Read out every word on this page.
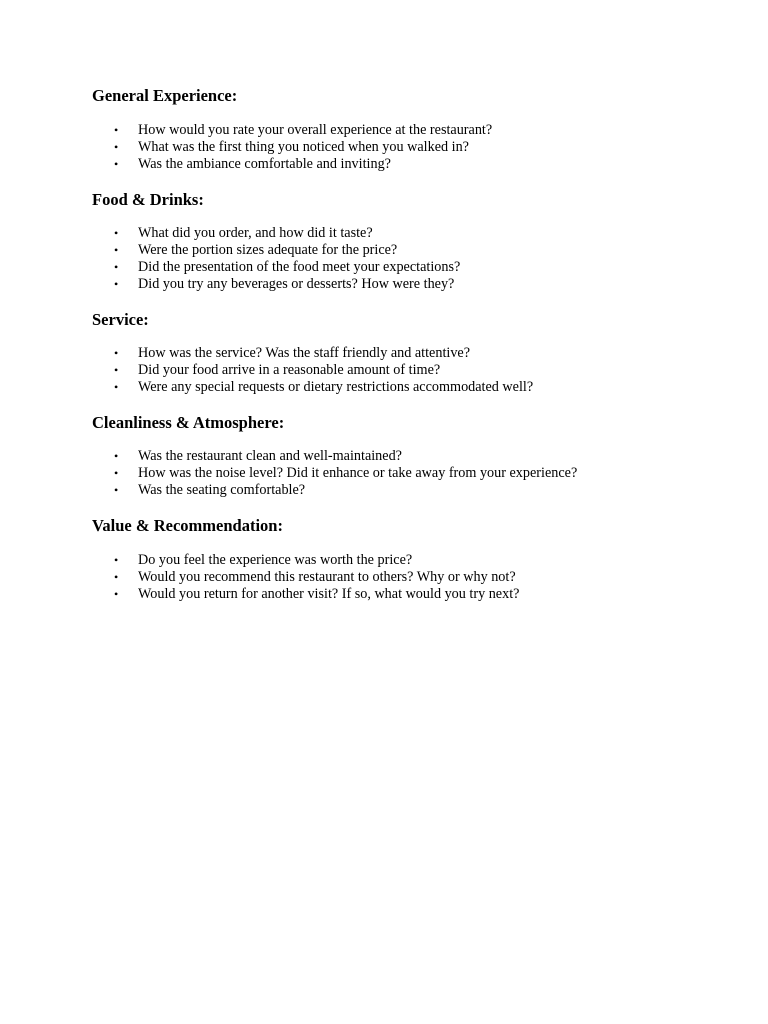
General Experience:
• How would you rate your overall experience at the restaurant?
• What was the first thing you noticed when you walked in?
• Was the ambiance comfortable and inviting?
Food & Drinks:
• What did you order, and how did it taste?
• Were the portion sizes adequate for the price?
• Did the presentation of the food meet your expectations?
• Did you try any beverages or desserts? How were they?
Service:
• How was the service? Was the staff friendly and attentive?
• Did your food arrive in a reasonable amount of time?
• Were any special requests or dietary restrictions accommodated well?
Cleanliness & Atmosphere:
• Was the restaurant clean and well-maintained?
• How was the noise level? Did it enhance or take away from your experience?
• Was the seating comfortable?
Value & Recommendation:
• Do you feel the experience was worth the price?
• Would you recommend this restaurant to others? Why or why not?
• Would you return for another visit? If so, what would you try next?
